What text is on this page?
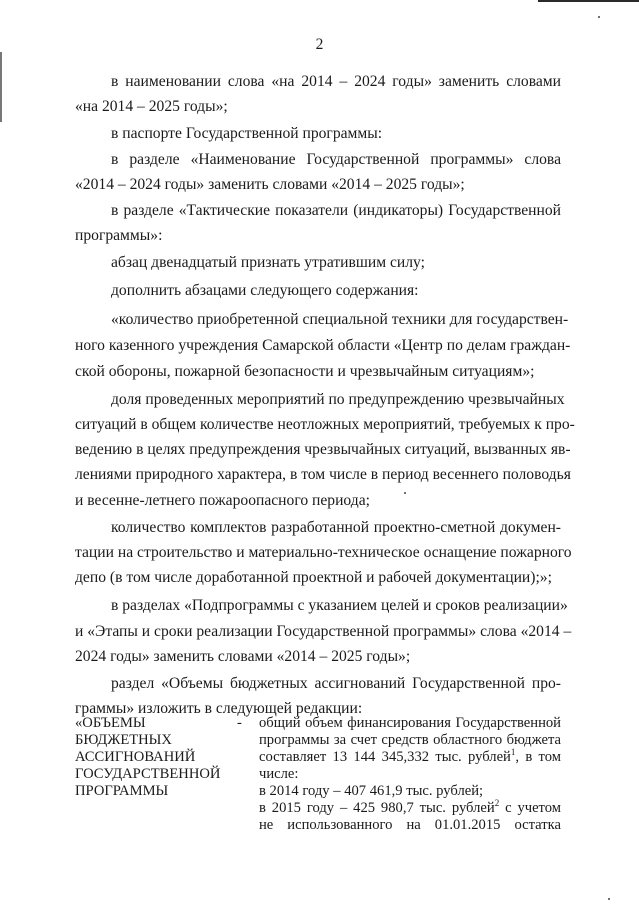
2
в наименовании слова «на 2014 – 2024 годы» заменить словами
«на 2014 – 2025 годы»;
в паспорте Государственной программы:
в разделе «Наименование Государственной программы» слова
«2014 – 2024 годы» заменить словами «2014 – 2025 годы»;
в разделе «Тактические показатели (индикаторы) Государственной
программы»:
абзац двенадцатый признать утратившим силу;
дополнить абзацами следующего содержания:
«количество приобретенной специальной техники для государствен-
ного казенного учреждения Самарской области «Центр по делам граждан-
ской обороны, пожарной безопасности и чрезвычайным ситуациям»;
доля проведенных мероприятий по предупреждению чрезвычайных
ситуаций в общем количестве неотложных мероприятий, требуемых к про-
ведению в целях предупреждения чрезвычайных ситуаций, вызванных яв-
лениями природного характера, в том числе в период весеннего половодья
и весенне-летнего пожароопасного периода;
количество комплектов разработанной проектно-сметной докумен-
тации на строительство и материально-техническое оснащение пожарного
депо (в том числе доработанной проектной и рабочей документации);»;
в разделах «Подпрограммы с указанием целей и сроков реализации»
и «Этапы и сроки реализации Государственной программы» слова «2014 –
2024 годы» заменить словами «2014 – 2025 годы»;
раздел «Объемы бюджетных ассигнований Государственной про-
граммы» изложить в следующей редакции:
«ОБЪЕМЫ
БЮДЖЕТНЫХ
АССИГНОВАНИЙ
ГОСУДАРСТВЕННОЙ
ПРОГРАММЫ
- общий объем финансирования Государственной
программы за счет средств областного бюджета
составляет 13 144 345,332 тыс. рублей$^1$, в том
числе:
в 2014 году – 407 461,9 тыс. рублей;
в 2015 году – 425 980,7 тыс. рублей$^2$ с учетом
не использованного на 01.01.2015 остатка
